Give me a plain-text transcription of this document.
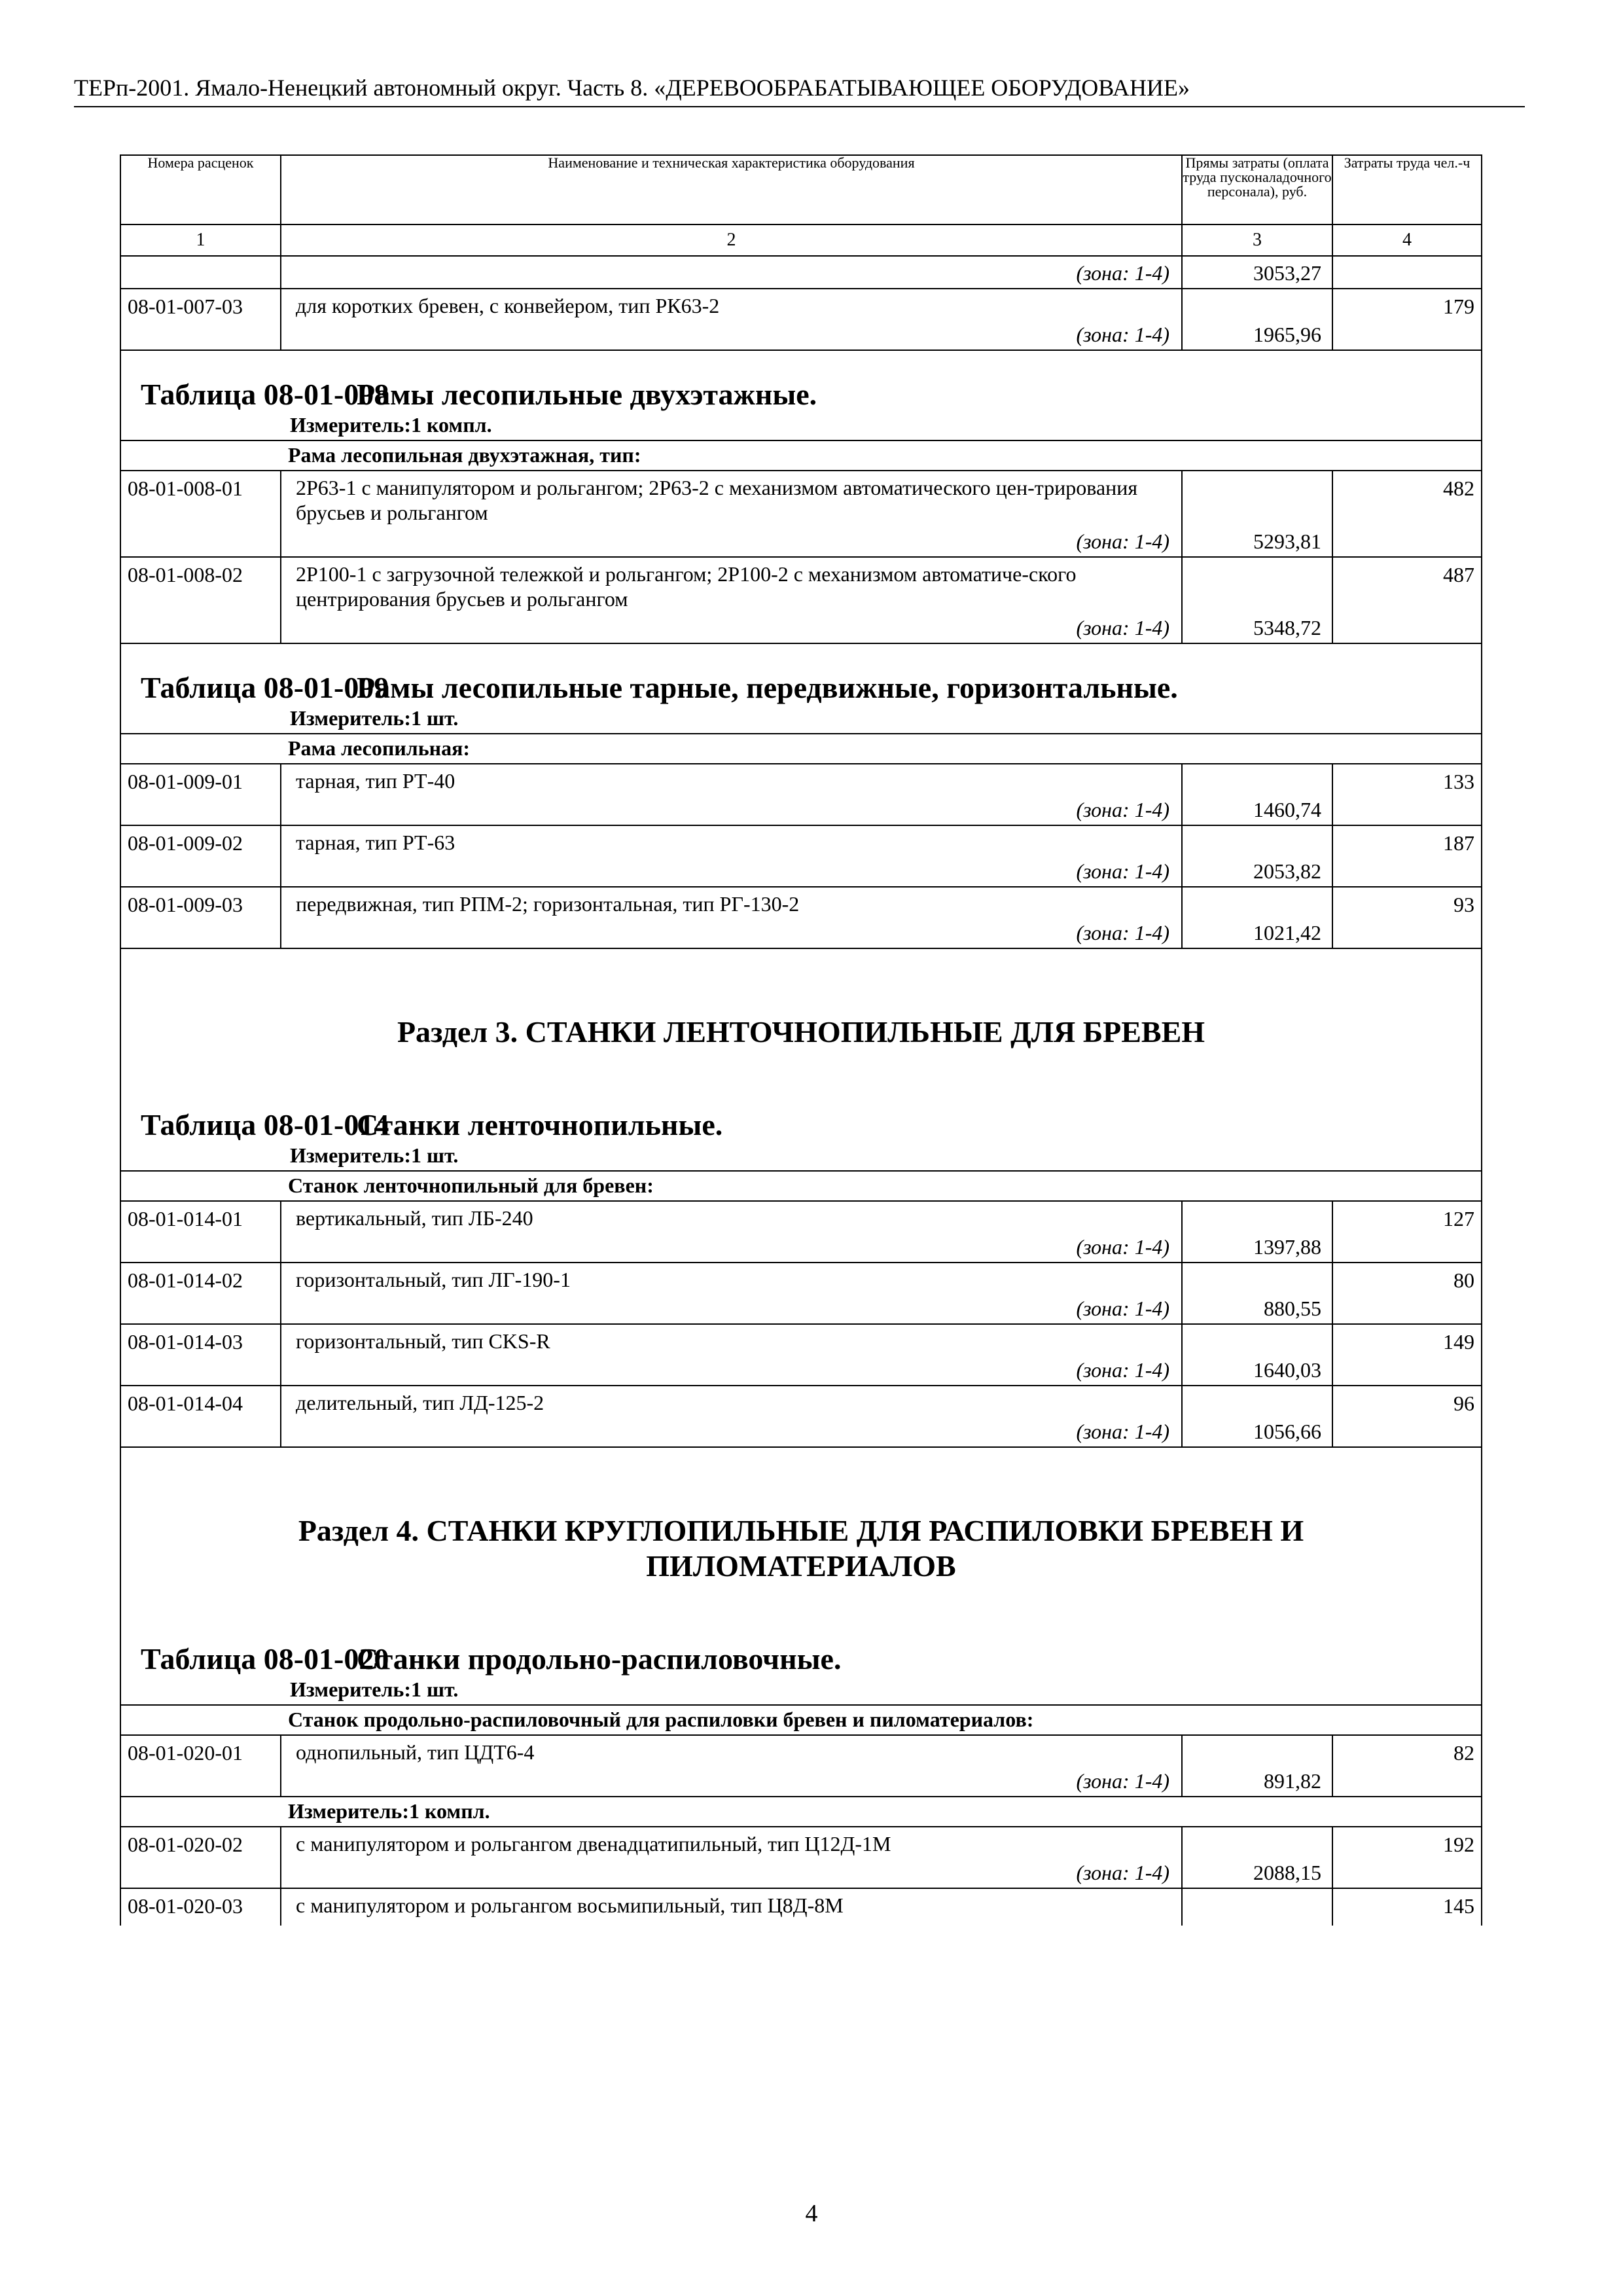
ТЕРп-2001. Ямало-Ненецкий автономный округ. Часть 8. «ДЕРЕВООБРАБАТЫВАЮЩЕЕ ОБОРУДОВАНИЕ»
Номера расценок	Наименование и техническая характеристика оборудования	Прямы затраты (оплата труда пусконаладочного персонала), руб.	Затраты труда чел.-ч
1	2	3	4

	(зона: 1-4)	3053,27	
08-01-007-03	для коротких бревен, с конвейером, тип РК63-2
(зона: 1-4)	1965,96	179

Таблица 08-01-008Рамы лесопильные двухэтажные.
Измеритель:1 компл.			

Рама лесопильная двухэтажная, тип:			
08-01-008-01	2Р63-1 с манипулятором и рольгангом; 2Р63-2 с механизмом автоматического цен-трирования брусьев и рольгангом
(зона: 1-4)	5293,81	482
08-01-008-02	2Р100-1 с загрузочной тележкой и рольгангом; 2Р100-2 с механизмом автоматиче-ского центрирования брусьев и рольгангом
(зона: 1-4)	5348,72	487

Таблица 08-01-009Рамы лесопильные тарные, передвижные, горизонтальные.
Измеритель:1 шт.			

Рама лесопильная:			
08-01-009-01	тарная, тип РТ-40
(зона: 1-4)	1460,74	133
08-01-009-02	тарная, тип РТ-63
(зона: 1-4)	2053,82	187
08-01-009-03	передвижная, тип РПМ-2; горизонтальная, тип РГ-130-2
(зона: 1-4)	1021,42	93

Раздел 3. СТАНКИ ЛЕНТОЧНОПИЛЬНЫЕ ДЛЯ БРЕВЕН
Таблица 08-01-014Станки ленточнопильные.
Измеритель:1 шт.			

Станок ленточнопильный для бревен:			
08-01-014-01	вертикальный, тип ЛБ-240
(зона: 1-4)	1397,88	127
08-01-014-02	горизонтальный, тип ЛГ-190-1
(зона: 1-4)	880,55	80
08-01-014-03	горизонтальный, тип CKS-R
(зона: 1-4)	1640,03	149
08-01-014-04	делительный, тип ЛД-125-2
(зона: 1-4)	1056,66	96

Раздел 4. СТАНКИ КРУГЛОПИЛЬНЫЕ ДЛЯ РАСПИЛОВКИ БРЕВЕН И ПИЛОМАТЕРИАЛОВ
Таблица 08-01-020Станки продольно-распиловочные.
Измеритель:1 шт.			

Станок продольно-распиловочный для распиловки бревен и пиломатериалов:			
08-01-020-01	однопильный, тип ЦДТ6-4
(зона: 1-4)	891,82	82
Измеритель:1 компл.			
08-01-020-02	с манипулятором и рольгангом двенадцатипильный, тип Ц12Д-1М
(зона: 1-4)	2088,15	192
08-01-020-03	с манипулятором и рольгангом восьмипильный, тип Ц8Д-8М		145
4
